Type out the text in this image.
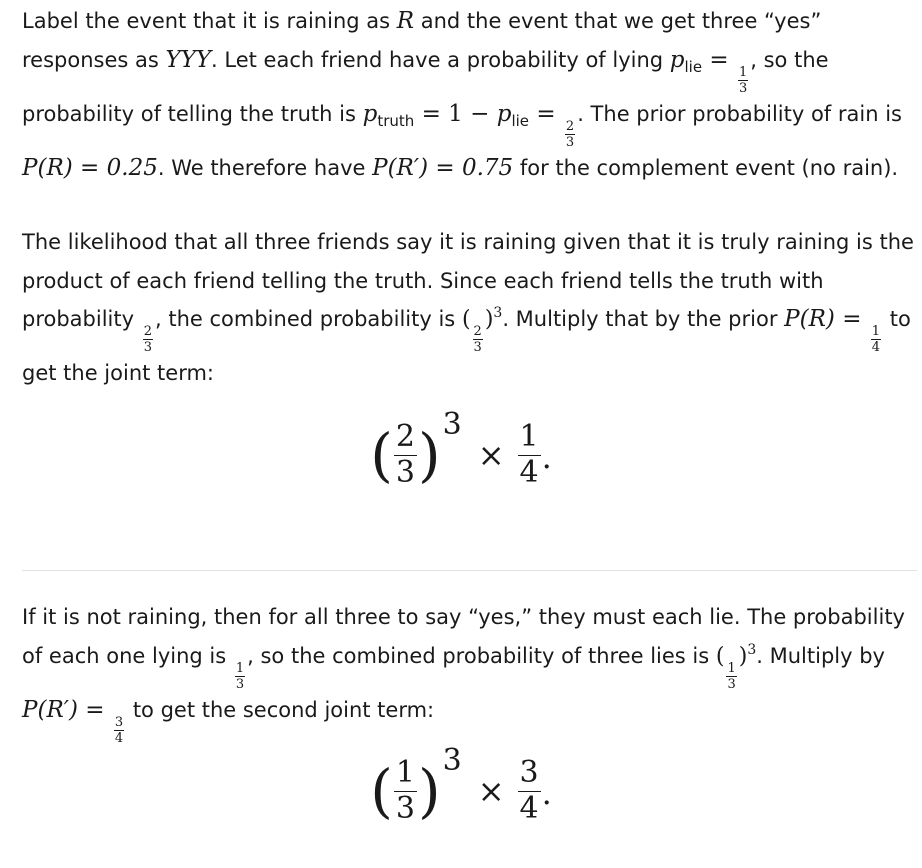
Label the event that it is raining as R and the event that we get three “yes” responses as YYY. Let each friend have a probability of lying $p_{lie}$ =
$\frac{1}{3}$
, so the probability of telling the truth is $p_{truth} = 1 - p_{lie}$ =
$\frac{2}{3}$
. The prior probability of rain is P(R) = 0.25. We therefore have P(R′) = 0.75 for the complement event (no rain).

The likelihood that all three friends say it is raining given that it is truly raining is the product of each friend telling the truth. Since each friend tells the truth with probability
$\frac{2}{3}$
, the combined probability is (
$\frac{2}{3}$
)$^3$. Multiply that by the prior P(R) =
$\frac{1}{4}$
to get the joint term:

( $\frac{2}{3} )3\times \frac{1}{4}$ .

If it is not raining, then for all three to say “yes,” they must each lie. The probability of each one lying is
$\frac{1}{3}$
, so the combined probability of three lies is (
$\frac{1}{3}$
)$^3$. Multiply by P(R′) =
$\frac{3}{4}$
to get the second joint term:

( $\frac{1}{3} )3\times \frac{3}{4}$ .
